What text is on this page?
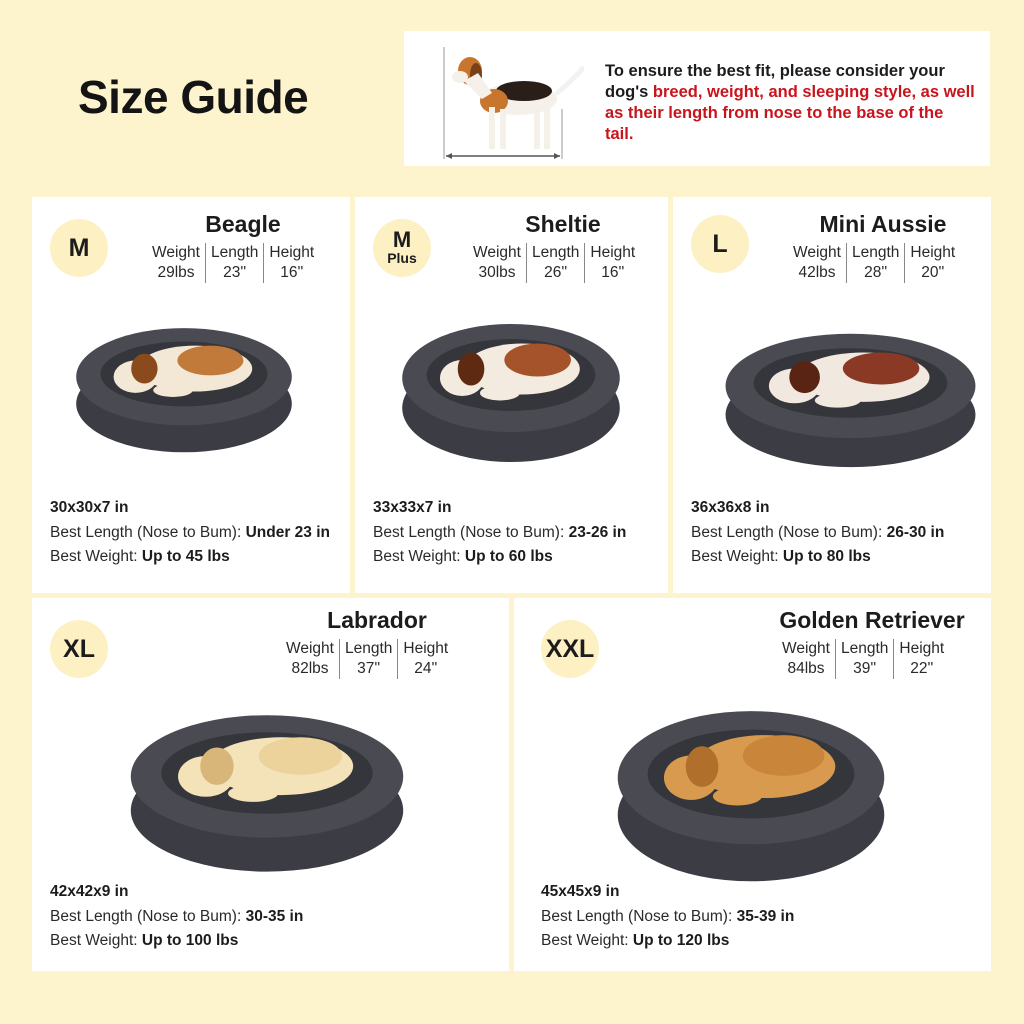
Size Guide	To ensure the best fit, please consider your dog's breed, weight, and sleeping style, as well as their length from nose to the base of the tail.
M
Beagle
Weight
29lbs
Length
23''
Height
16''
30x30x7 in
Best Length (Nose to Bum): Under 23 in
Best Weight: Up to 45 lbs
M
Plus
Sheltie
Weight
30lbs
Length
26''
Height
16''
33x33x7 in
Best Length (Nose to Bum): 23-26 in
Best Weight: Up to 60 lbs
L
Mini Aussie
Weight
42lbs
Length
28''
Height
20''
36x36x8 in
Best Length (Nose to Bum): 26-30 in
Best Weight: Up to 80 lbs
XL
Labrador
Weight
82lbs
Length
37''
Height
24''
42x42x9 in
Best Length (Nose to Bum): 30-35 in
Best Weight: Up to 100 lbs
XXL
Golden Retriever
Weight
84lbs
Length
39''
Height
22''
45x45x9 in
Best Length (Nose to Bum): 35-39 in
Best Weight: Up to 120 lbs
